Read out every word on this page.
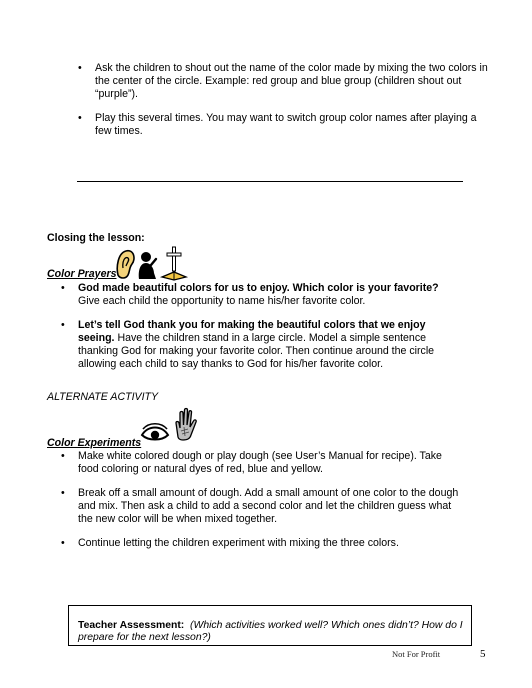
• Ask the children to shout out the name of the color made by mixing the two colors in the center of the circle. Example: red group and blue group (children shout out “purple”).
• Play this several times. You may want to switch group color names after playing a few times.
Closing the lesson:
Color Prayers
• God made beautiful colors for us to enjoy. Which color is your favorite? Give each child the opportunity to name his/her favorite color.
• Let’s tell God thank you for making the beautiful colors that we enjoy seeing. Have the children stand in a large circle. Model a simple sentence thanking God for making your favorite color. Then continue around the circle allowing each child to say thanks to God for his/her favorite color.
ALTERNATE ACTIVITY
Color Experiments
• Make white colored dough or play dough (see User’s Manual for recipe). Take food coloring or natural dyes of red, blue and yellow.
• Break off a small amount of dough. Add a small amount of one color to the dough and mix. Then ask a child to add a second color and let the children guess what the new color will be when mixed together.
• Continue letting the children experiment with mixing the three colors.
Teacher Assessment: (Which activities worked well? Which ones didn’t? How do I prepare for the next lesson?)
Not For Profit	5
